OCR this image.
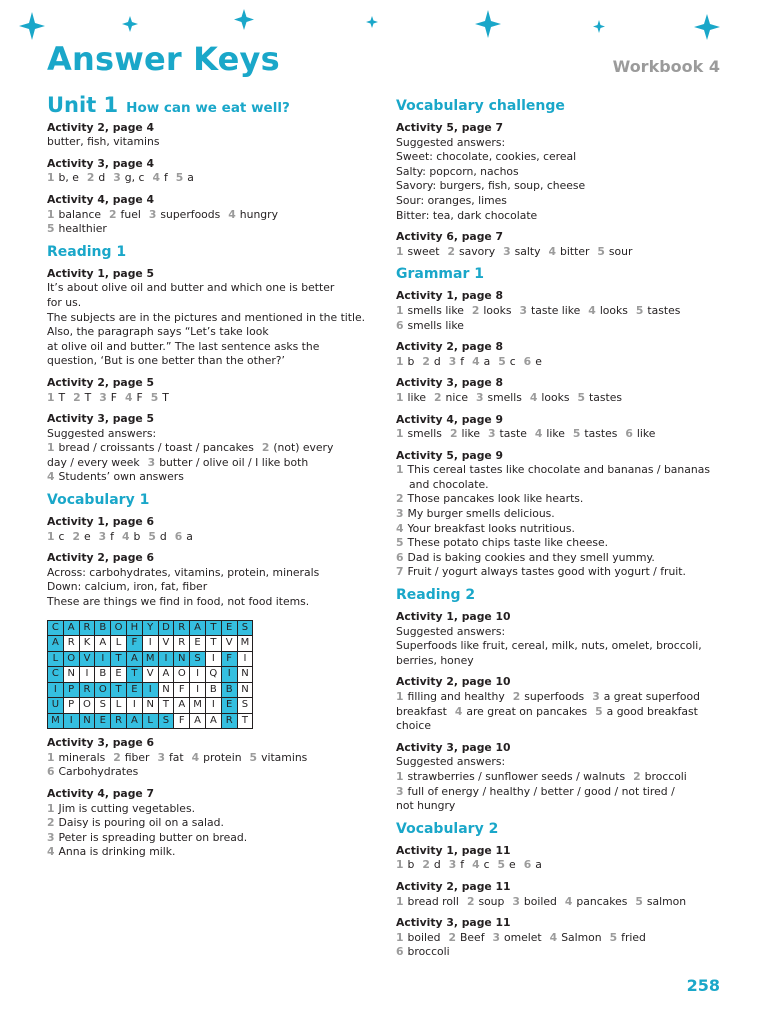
Answer Keys	Workbook 4
258
Unit 1 How can we eat well?
Activity 2, page 4
butter, fish, vitamins
Activity 3, page 4
1 b, e 2 d 3 g, c 4 f 5 a
Activity 4, page 4
1 balance 2 fuel 3 superfoods 4 hungry
5 healthier
Reading 1
Activity 1, page 5
It’s about olive oil and butter and which one is better
for us.
The subjects are in the pictures and mentioned in the title.
Also, the paragraph says “Let’s take look
at olive oil and butter.” The last sentence asks the
question, ‘But is one better than the other?’
Activity 2, page 5
1 T 2 T 3 F 4 F 5 T
Activity 3, page 5
Suggested answers:
1 bread / croissants / toast / pancakes 2 (not) every
day / every week 3 butter / olive oil / I like both
4 Students’ own answers
Vocabulary 1
Activity 1, page 6
1 c 2 e 3 f 4 b 5 d 6 a
Activity 2, page 6
Across: carbohydrates, vitamins, protein, minerals
Down: calcium, iron, fat, fiber
These are things we find in food, not food items.
C	A	R	B	O	H	Y	D	R	A	T	E	S
A	R	K	A	L	F	I	V	R	E	T	V	M
L	O	V	I	T	A	M	I	N	S	I	F	I
C	N	I	B	E	T	V	A	O	I	Q	I	N
I	P	R	O	T	E	I	N	F	I	B	B	N
U	P	O	S	L	I	N	T	A	M	I	E	S
M	I	N	E	R	A	L	S	F	A	A	R	T
Activity 3, page 6
1 minerals 2 fiber 3 fat 4 protein 5 vitamins
6 Carbohydrates
Activity 4, page 7
1 Jim is cutting vegetables.
2 Daisy is pouring oil on a salad.
3 Peter is spreading butter on bread.
4 Anna is drinking milk.
Vocabulary challenge
Activity 5, page 7
Suggested answers:
Sweet: chocolate, cookies, cereal
Salty: popcorn, nachos
Savory: burgers, fish, soup, cheese
Sour: oranges, limes
Bitter: tea, dark chocolate
Activity 6, page 7
1 sweet 2 savory 3 salty 4 bitter 5 sour
Grammar 1
Activity 1, page 8
1 smells like 2 looks 3 taste like 4 looks 5 tastes
6 smells like
Activity 2, page 8
1 b 2 d 3 f 4 a 5 c 6 e
Activity 3, page 8
1 like 2 nice 3 smells 4 looks 5 tastes
Activity 4, page 9
1 smells 2 like 3 taste 4 like 5 tastes 6 like
Activity 5, page 9
1 This cereal tastes like chocolate and bananas / bananas and chocolate.
2 Those pancakes look like hearts.
3 My burger smells delicious.
4 Your breakfast looks nutritious.
5 These potato chips taste like cheese.
6 Dad is baking cookies and they smell yummy.
7 Fruit / yogurt always tastes good with yogurt / fruit.
Reading 2
Activity 1, page 10
Suggested answers:
Superfoods like fruit, cereal, milk, nuts, omelet, broccoli,
berries, honey
Activity 2, page 10
1 filling and healthy 2 superfoods 3 a great superfood
breakfast 4 are great on pancakes 5 a good breakfast
choice
Activity 3, page 10
Suggested answers:
1 strawberries / sunflower seeds / walnuts 2 broccoli
3 full of energy / healthy / better / good / not tired /
not hungry
Vocabulary 2
Activity 1, page 11
1 b 2 d 3 f 4 c 5 e 6 a
Activity 2, page 11
1 bread roll 2 soup 3 boiled 4 pancakes 5 salmon
Activity 3, page 11
1 boiled 2 Beef 3 omelet 4 Salmon 5 fried
6 broccoli
